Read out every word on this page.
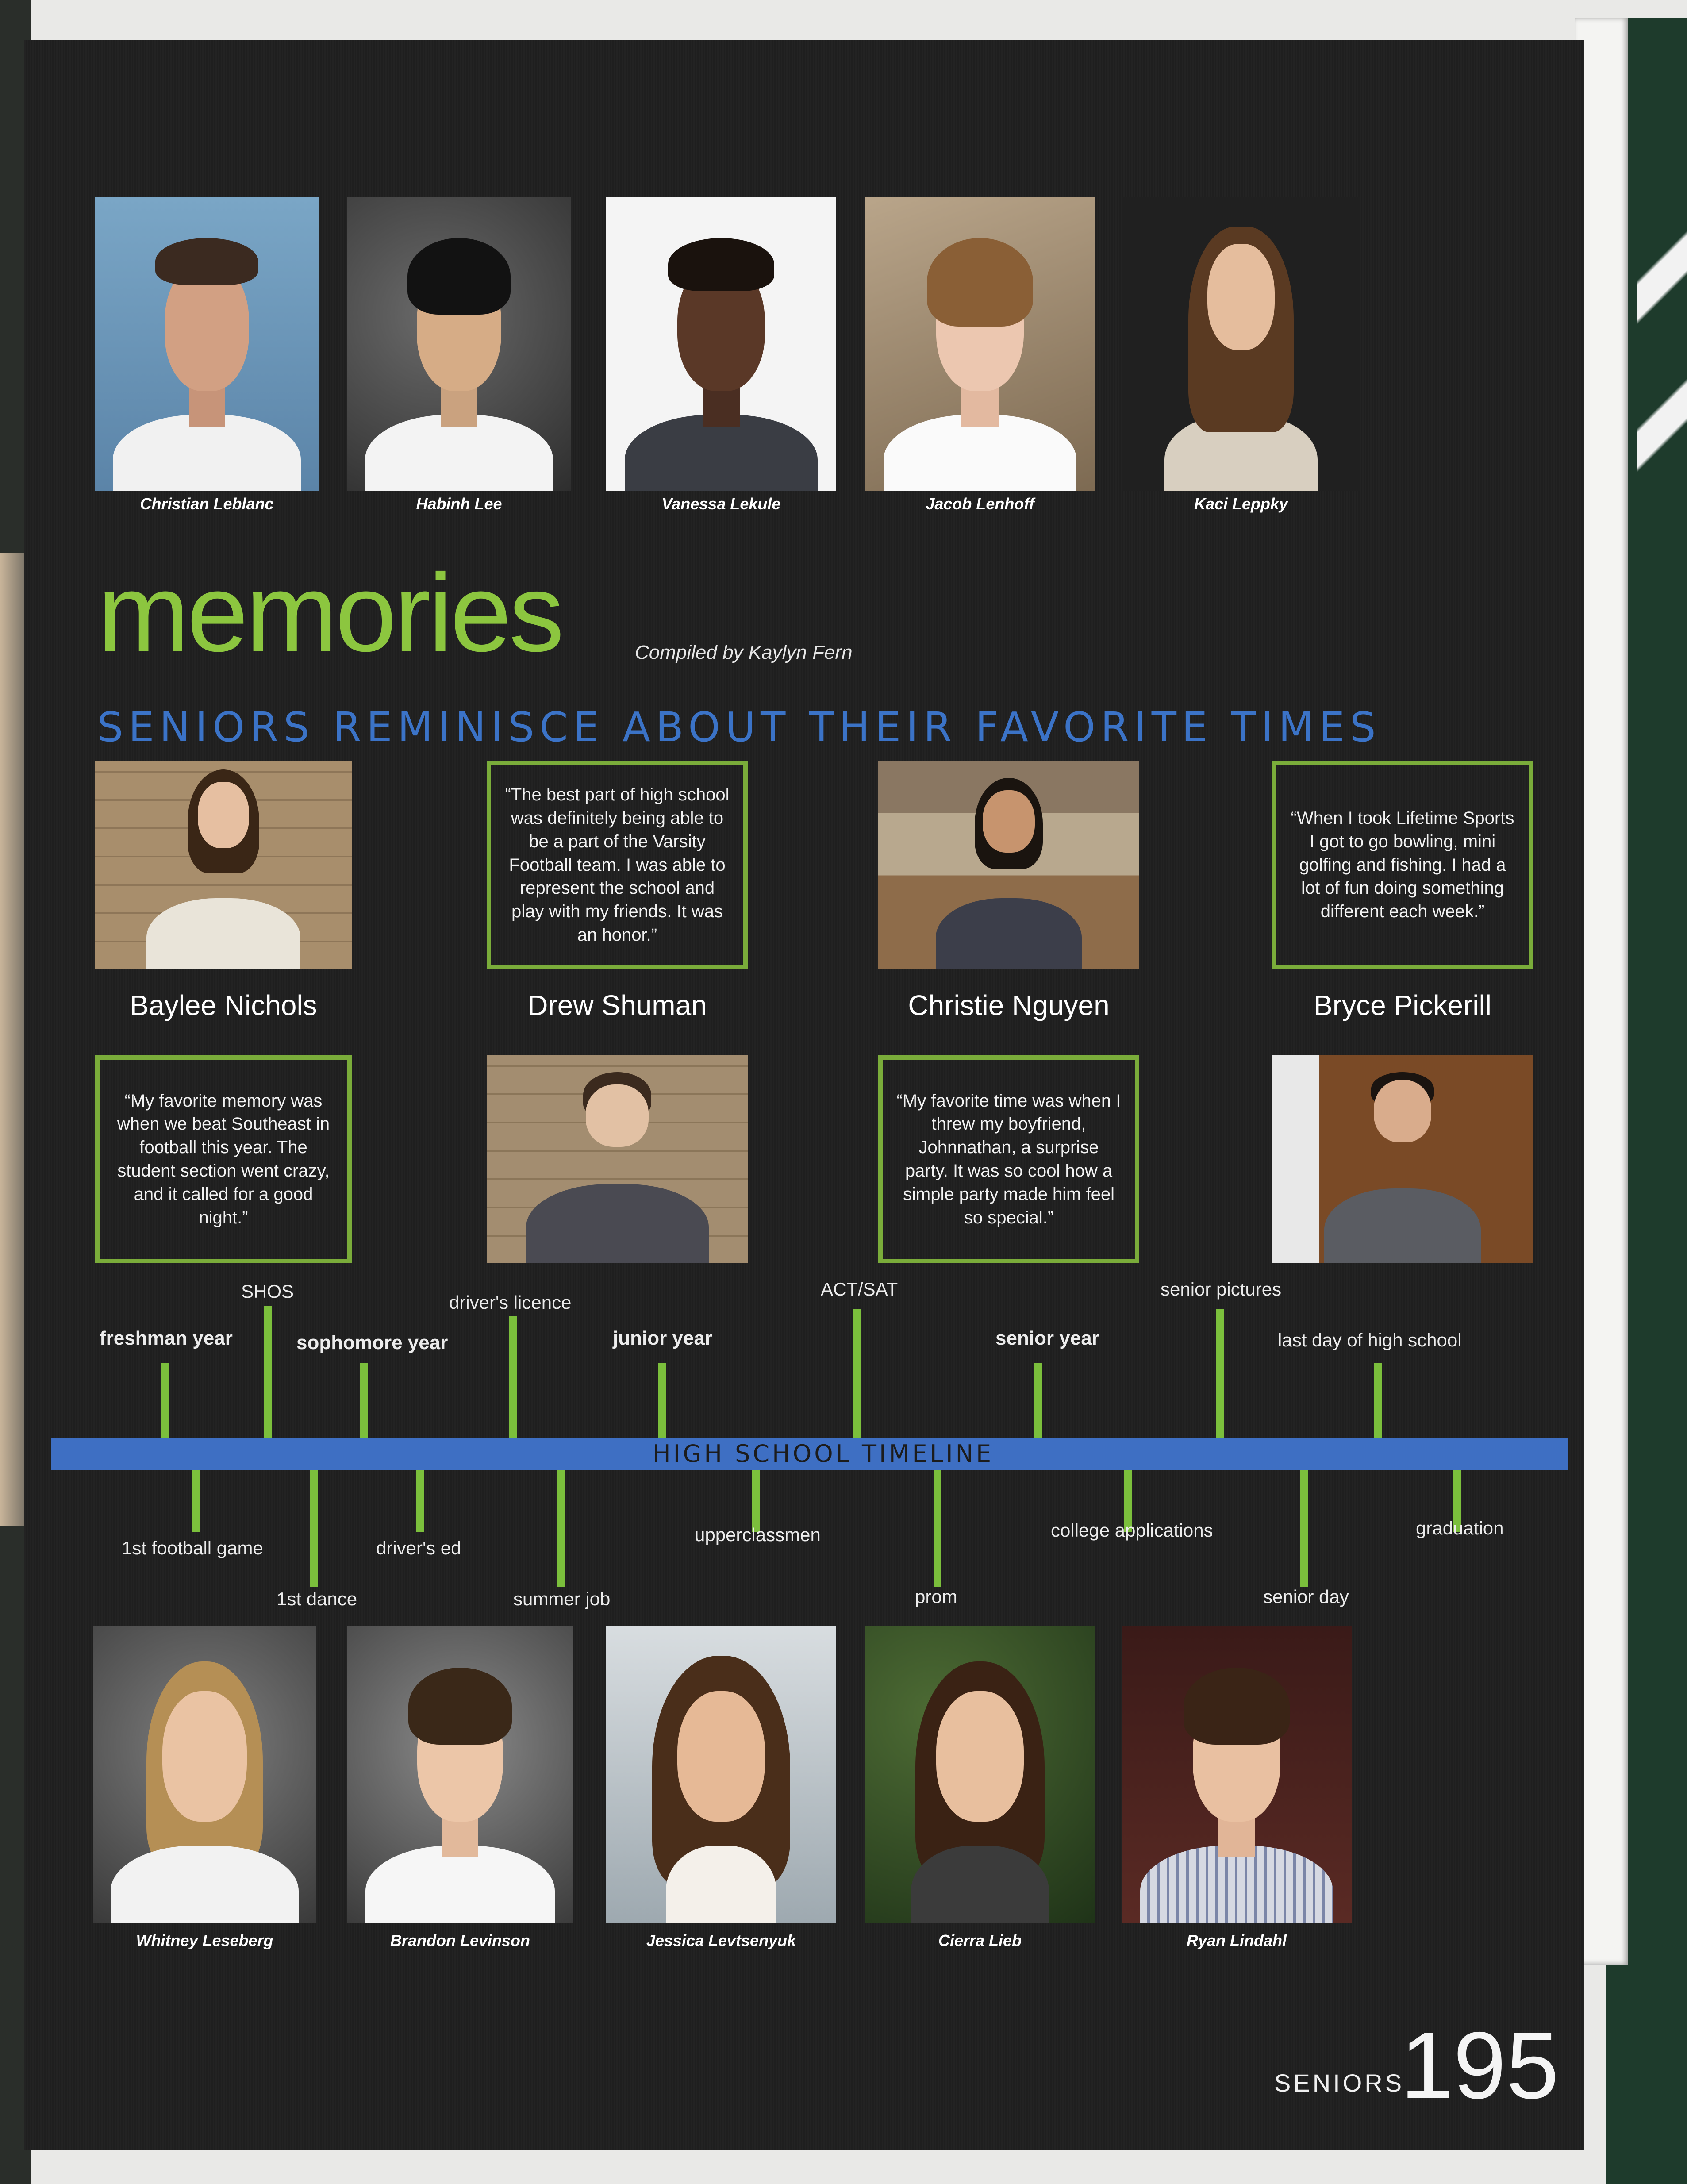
Christian Leblanc	Habinh Lee	Vanessa Lekule	Jacob Lenhoff	Kaci Leppky
memories	Compiled by Kaylyn Fern
SENIORS REMINISCE ABOUT THEIR FAVORITE TIMES
Baylee Nichols
“The best part of high school was definitely being able to be a part of the Varsity Football team. I was able to represent the school and play with my friends. It was an honor.”
Drew Shuman	Christie Nguyen
“When I took Lifetime Sports I got to go bowling, mini golfing and fishing. I had a lot of fun doing something different each week.”
Bryce Pickerill
“My favorite memory was when we beat Southeast in football this year. The student section went crazy, and it called for a good night.”
“My favorite time was when I threw my boyfriend, Johnnathan, a surprise party. It was so cool how a simple party made him feel so special.”
HIGH SCHOOL TIMELINE
freshman year
SHOS
sophomore year
driver's licence
junior year
ACT/SAT
senior year
senior pictures
last day of high school
1st football game
1st dance
driver's ed
summer job
upperclassmen
prom
college applications
senior day
graduation
Whitney Leseberg	Brandon Levinson	Jessica Levtsenyuk	Cierra Lieb	Ryan Lindahl
SENIORS
195
